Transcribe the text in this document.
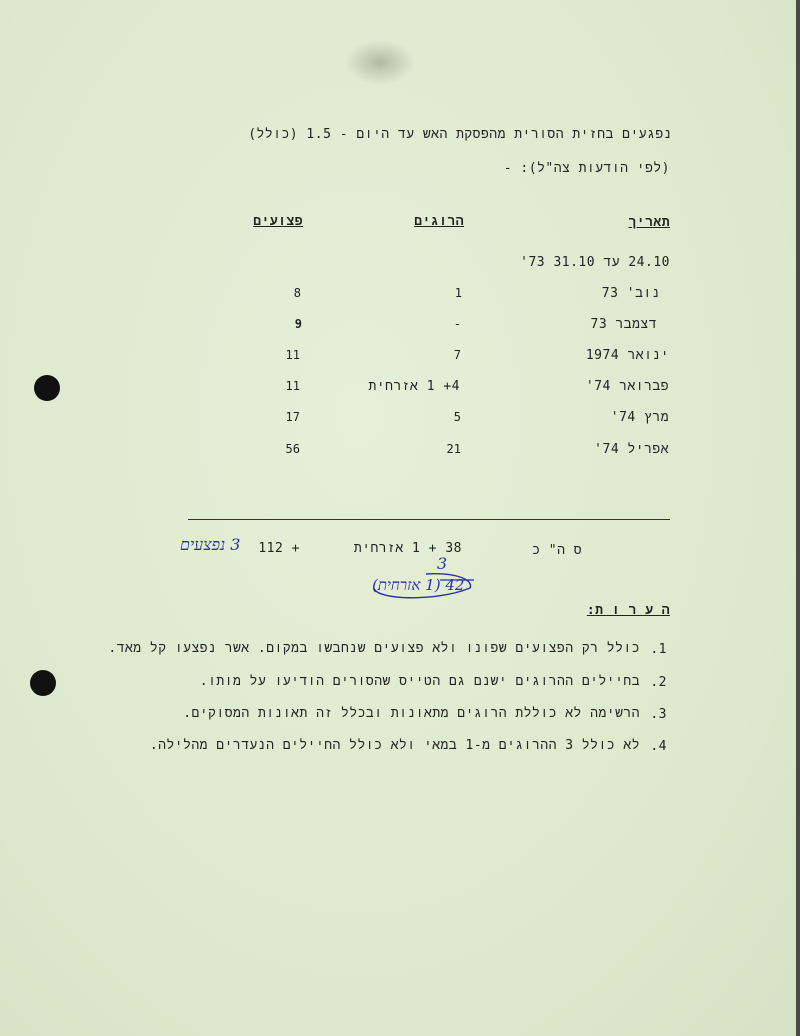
נפגעים בחזית הסורית מהפסקת האש עד היום - 1.5 (כולל)
(לפי הודעות צה"ל): -
תאריך
הרוגים
פצועים
24.10 עד 31.10 73'
נוב' 73
1
8
דצמבר 73
-
9
ינואר 1974
7
11
פברואר 74'
4+ 1 אזרחית
11
מרץ 74'
5
17
אפריל 74'
21
56
ס ה" כ
38 + 1 אזרחית
112 +
3 נפצעים
3
42 (1 אזרחית)
ה ע ר ו ת:
1.
כולל רק הפצועים שפונו ולא פצועים שנחבשו במקום. אשר נפצעו קל מאד.
2.
בחיילים ההרוגים ישנם גם הטייס שהסורים הודיעו על מותו.
3.
הרשימה לא כוללת הרוגים מתאונות ובכלל זה תאונות המסוקים.
4.
לא כולל 3 ההרוגים מ-1 במאי ולא כולל החיילים הנעדרים מהלילה.
